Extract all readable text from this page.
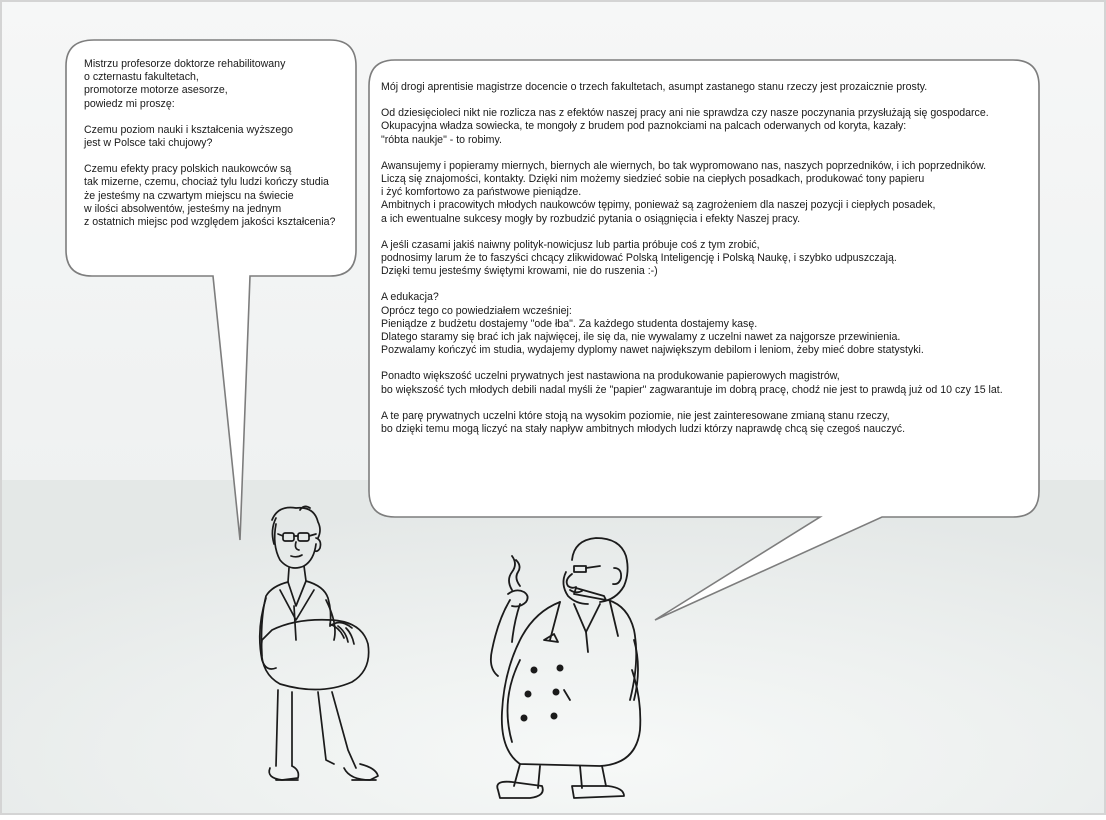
Mistrzu profesorze doktorze rehabilitowany
o czternastu fakultetach,
promotorze motorze asesorze,
powiedz mi proszę:
Czemu poziom nauki i kształcenia wyższego
jest w Polsce taki chujowy?
Czemu efekty pracy polskich naukowców są
tak mizerne, czemu, chociaż tylu ludzi kończy studia
że jesteśmy na czwartym miejscu na świecie
w ilości absolwentów, jesteśmy na jednym
z ostatnich miejsc pod względem jakości kształcenia?
Mój drogi aprentisie magistrze docencie o trzech fakultetach, asumpt zastanego stanu rzeczy jest prozaicznie prosty.
Od dziesięcioleci nikt nie rozlicza nas z efektów naszej pracy ani nie sprawdza czy nasze poczynania przysłużają się gospodarce.
Okupacyjna władza sowiecka, te mongoły z brudem pod paznokciami na palcach oderwanych od koryta, kazały:
"róbta naukje" - to robimy.
Awansujemy i popieramy miernych, biernych ale wiernych, bo tak wypromowano nas, naszych poprzedników, i ich poprzedników.
Liczą się znajomości, kontakty. Dzięki nim możemy siedzieć sobie na ciepłych posadkach, produkować tony papieru
i żyć komfortowo za państwowe pieniądze.
Ambitnych i pracowitych młodych naukowców tępimy, ponieważ są zagrożeniem dla naszej pozycji i ciepłych posadek,
a ich ewentualne sukcesy mogły by rozbudzić pytania o osiągnięcia i efekty Naszej pracy.
A jeśli czasami jakiś naiwny polityk-nowicjusz lub partia próbuje coś z tym zrobić,
podnosimy larum że to faszyści chcący zlikwidować Polską Inteligencję i Polską Naukę, i szybko udpuszczają.
Dzięki temu jesteśmy świętymi krowami, nie do ruszenia :-)
A edukacja?
Oprócz tego co powiedziałem wcześniej:
Pieniądze z budżetu dostajemy "ode łba". Za każdego studenta dostajemy kasę.
Dlatego staramy się brać ich jak najwięcej, ile się da, nie wywalamy z uczelni nawet za najgorsze przewinienia.
Pozwalamy kończyć im studia, wydajemy dyplomy nawet największym debilom i leniom, żeby mieć dobre statystyki.
Ponadto większość uczelni prywatnych jest nastawiona na produkowanie papierowych magistrów,
bo większość tych młodych debili nadal myśli że "papier" zagwarantuje im dobrą pracę, chodź nie jest to prawdą już od 10 czy 15 lat.
A te parę prywatnych uczelni które stoją na wysokim poziomie, nie jest zainteresowane zmianą stanu rzeczy,
bo dzięki temu mogą liczyć na stały napływ ambitnych młodych ludzi którzy naprawdę chcą się czegoś nauczyć.
